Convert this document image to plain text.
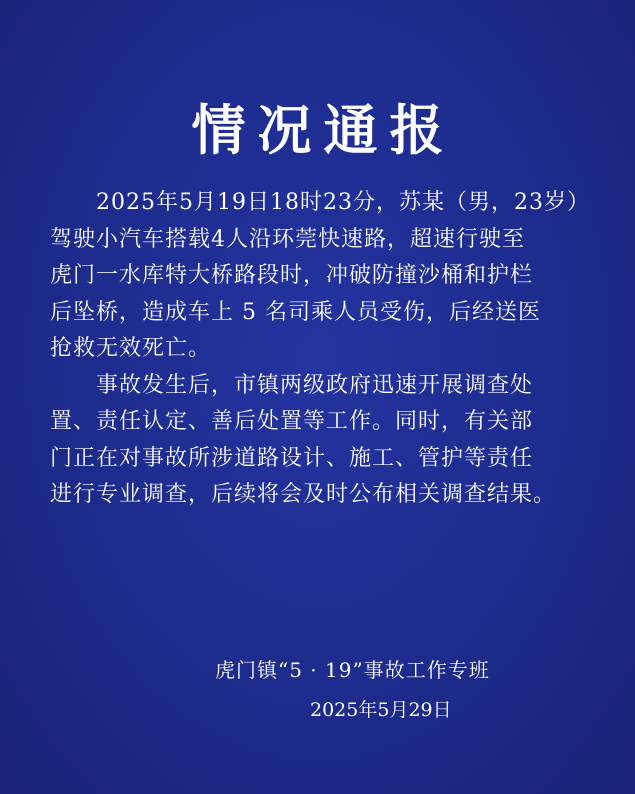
情况通报

2025年5月19日18时23分，苏某（男，23岁）
驾驶小汽车搭载4人沿环莞快速路，超速行驶至
虎门一水库特大桥路段时，冲破防撞沙桶和护栏
后坠桥，造成车上 5 名司乘人员受伤，后经送医
抢救无效死亡。

事故发生后，市镇两级政府迅速开展调查处
置、责任认定、善后处置等工作。同时，有关部
门正在对事故所涉道路设计、施工、管护等责任
进行专业调查，后续将会及时公布相关调查结果。

虎门镇“5 · 19”事故工作专班
2025年5月29日
